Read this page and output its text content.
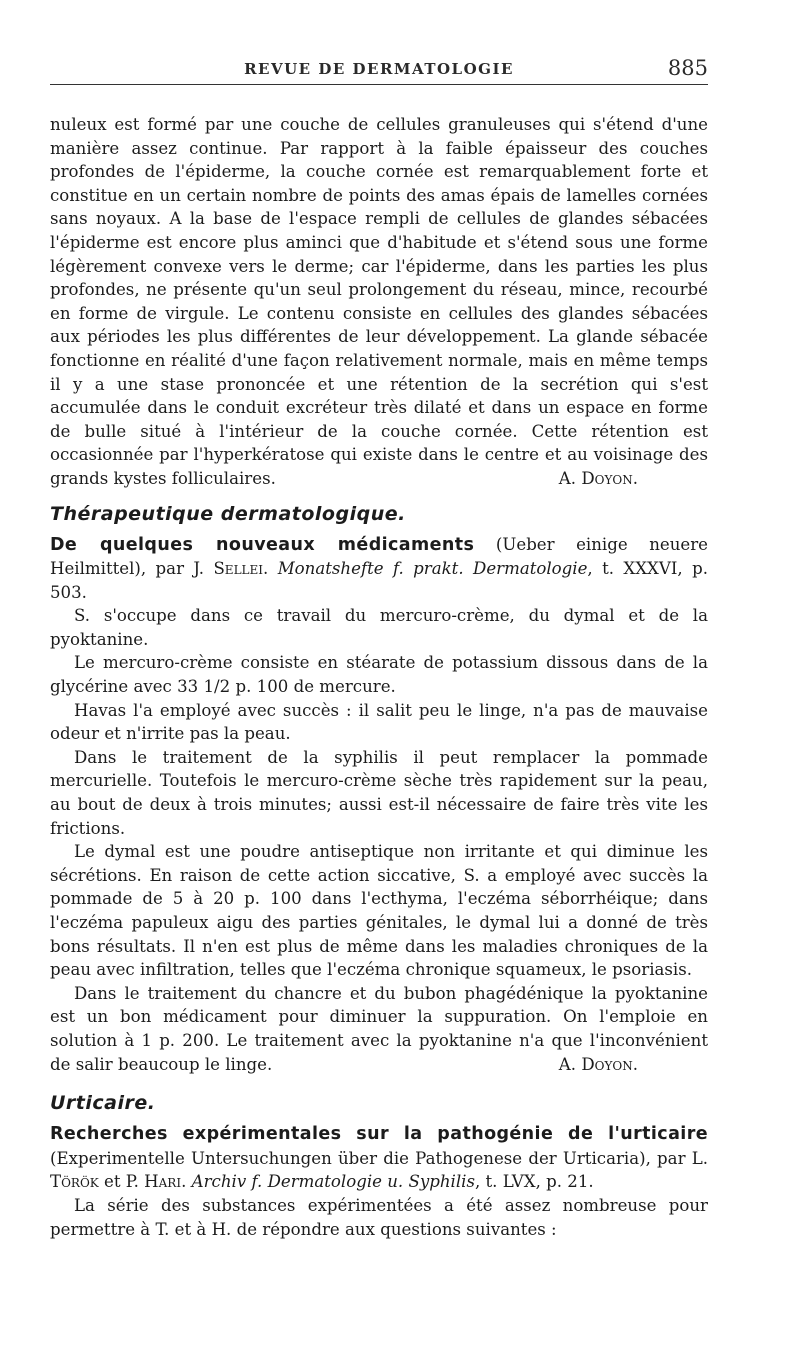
REVUE DE DERMATOLOGIE	885

nuleux est formé par une couche de cellules granuleuses qui s'étend d'une manière assez continue. Par rapport à la faible épaisseur des couches profondes de l'épiderme, la couche cornée est remarquablement forte et constitue en un certain nombre de points des amas épais de lamelles cornées sans noyaux. A la base de l'espace rempli de cellules de glandes sébacées l'épiderme est encore plus aminci que d'habitude et s'étend sous une forme légèrement convexe vers le derme; car l'épiderme, dans les parties les plus profondes, ne présente qu'un seul prolongement du réseau, mince, recourbé en forme de virgule. Le contenu consiste en cellules des glandes sébacées aux périodes les plus différentes de leur développement. La glande sébacée fonctionne en réalité d'une façon relativement normale, mais en même temps il y a une stase prononcée et une rétention de la secrétion qui s'est accumulée dans le conduit excréteur très dilaté et dans un espace en forme de bulle situé à l'intérieur de la couche cornée. Cette rétention est occasionnée par l'hyperkératose qui existe dans le centre et au voisinage des grands kystes folliculaires.	A. Doyon.

Thérapeutique dermatologique.

De quelques nouveaux médicaments (Ueber einige neuere Heilmittel), par J. Sellei. Monatshefte f. prakt. Dermatologie, t. XXXVI, p. 503.

S. s'occupe dans ce travail du mercuro-crème, du dymal et de la pyoktanine.

Le mercuro-crème consiste en stéarate de potassium dissous dans de la glycérine avec 33 1/2 p. 100 de mercure.

Havas l'a employé avec succès : il salit peu le linge, n'a pas de mauvaise odeur et n'irrite pas la peau.

Dans le traitement de la syphilis il peut remplacer la pommade mercurielle. Toutefois le mercuro-crème sèche très rapidement sur la peau, au bout de deux à trois minutes; aussi est-il nécessaire de faire très vite les frictions.

Le dymal est une poudre antiseptique non irritante et qui diminue les sécrétions. En raison de cette action siccative, S. a employé avec succès la pommade de 5 à 20 p. 100 dans l'ecthyma, l'eczéma séborrhéique; dans l'eczéma papuleux aigu des parties génitales, le dymal lui a donné de très bons résultats. Il n'en est plus de même dans les maladies chroniques de la peau avec infiltration, telles que l'eczéma chronique squameux, le psoriasis.

Dans le traitement du chancre et du bubon phagédénique la pyoktanine est un bon médicament pour diminuer la suppuration. On l'emploie en solution à 1 p. 200. Le traitement avec la pyoktanine n'a que l'inconvénient de salir beaucoup le linge.	A. Doyon.

Urticaire.

Recherches expérimentales sur la pathogénie de l'urticaire (Experimentelle Untersuchungen über die Pathogenese der Urticaria), par L. Török et P. Hari. Archiv f. Dermatologie u. Syphilis, t. LVX, p. 21.

La série des substances expérimentées a été assez nombreuse pour permettre à T. et à H. de répondre aux questions suivantes :
